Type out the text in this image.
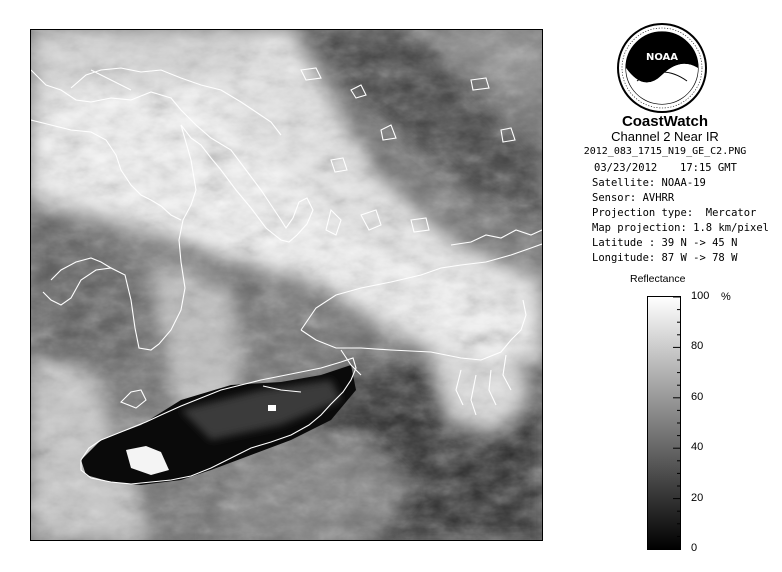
NOAA
CoastWatch
Channel 2 Near IR
2012_083_1715_N19_GE_C2.PNG
03/23/2012 17:15 GMT
Satellite: NOAA-19
Sensor: AVHRR
Projection type:  Mercator
Map projection: 1.8 km/pixel
Latitude : 39 N -> 45 N
Longitude: 87 W -> 78 W
Reflectance
100
80
60
40
20
0
%
